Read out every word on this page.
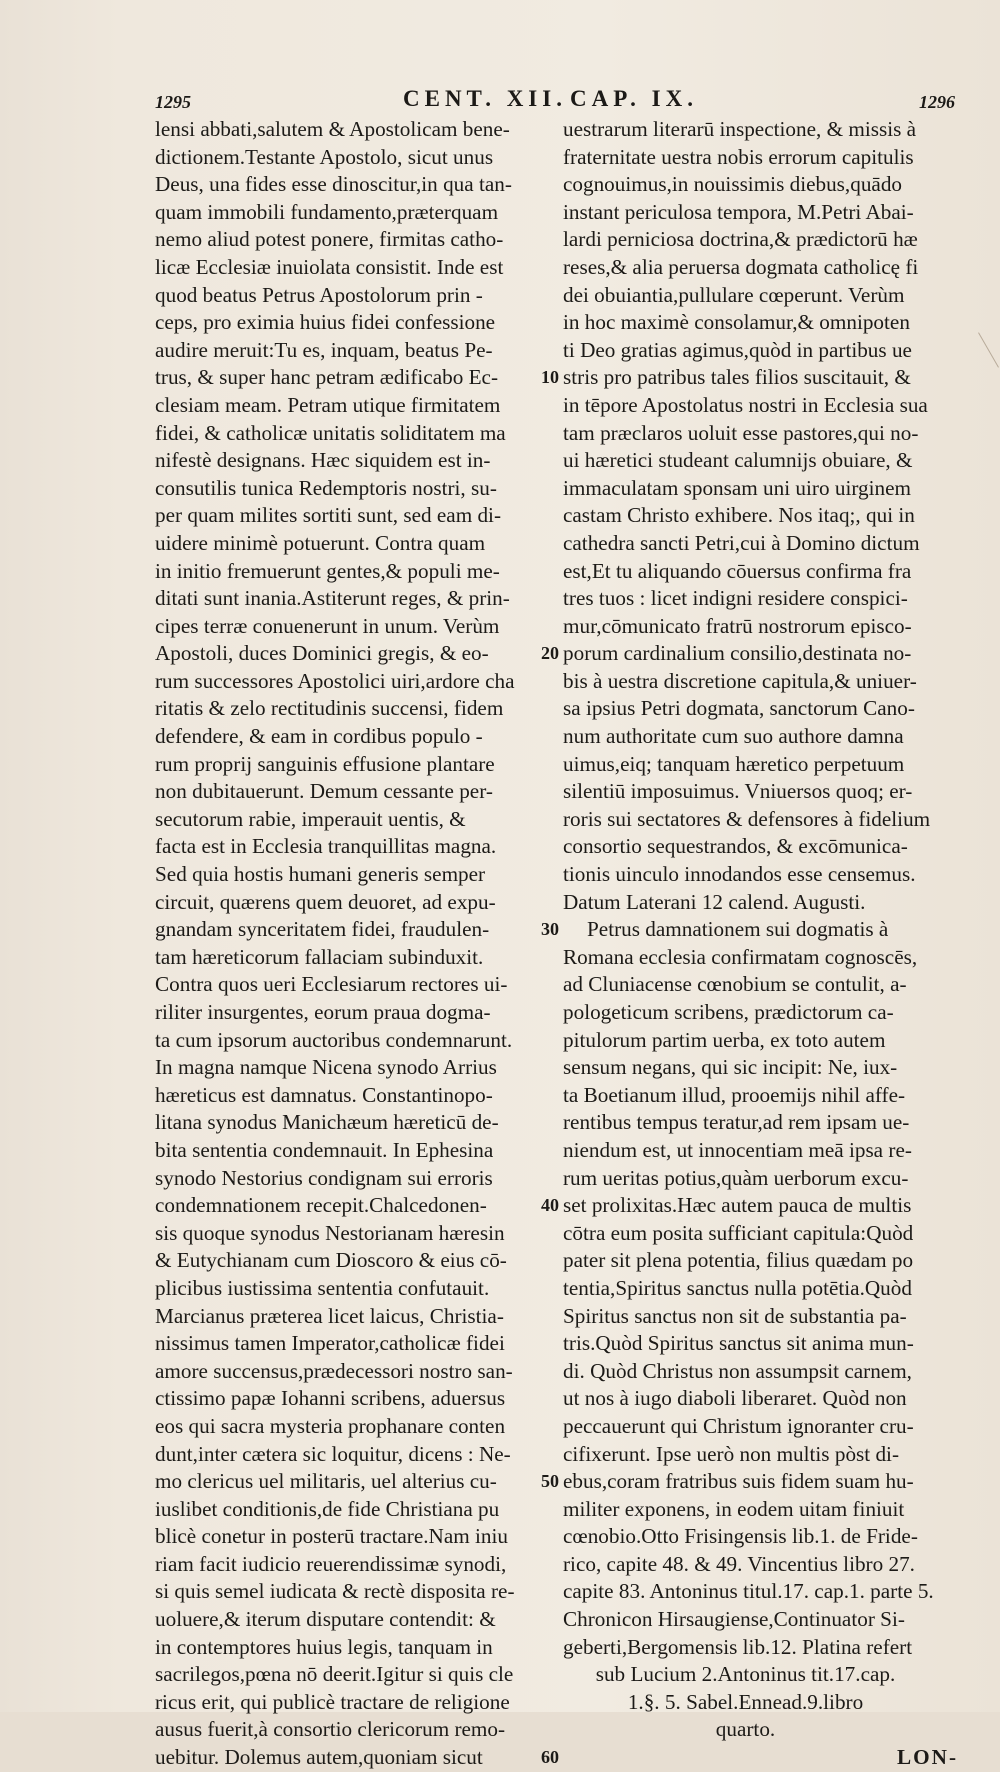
1295	CENT. XII. CAP. IX.	1296
lensi abbati,salutem & Apostolicam bene-
dictionem.Testante Apostolo, sicut unus
Deus, una fides esse dinoscitur,in qua tan-
quam immobili fundamento,præterquam
nemo aliud potest ponere, firmitas catho-
licæ Ecclesiæ inuiolata consistit. Inde est
quod beatus Petrus Apostolorum prin -
ceps, pro eximia huius fidei confessione
audire meruit:Tu es, inquam, beatus Pe-
trus, & super hanc petram ædificabo Ec-
clesiam meam. Petram utique firmitatem
fidei, & catholicæ unitatis soliditatem ma
nifestè designans. Hæc siquidem est in-
consutilis tunica Redemptoris nostri, su-
per quam milites sortiti sunt, sed eam di-
uidere minimè potuerunt. Contra quam
in initio fremuerunt gentes,& populi me-
ditati sunt inania.Astiterunt reges, & prin-
cipes terræ conuenerunt in unum. Verùm
Apostoli, duces Dominici gregis, & eo-
rum successores Apostolici uiri,ardore cha
ritatis & zelo rectitudinis succensi, fidem
defendere, & eam in cordibus populo -
rum proprij sanguinis effusione plantare
non dubitauerunt. Demum cessante per-
secutorum rabie, imperauit uentis, &
facta est in Ecclesia tranquillitas magna.
Sed quia hostis humani generis semper
circuit, quærens quem deuoret, ad expu-
gnandam synceritatem fidei, fraudulen-
tam hæreticorum fallaciam subinduxit.
Contra quos ueri Ecclesiarum rectores ui-
riliter insurgentes, eorum praua dogma-
ta cum ipsorum auctoribus condemnarunt.
In magna namque Nicena synodo Arrius
hæreticus est damnatus. Constantinopo-
litana synodus Manichæum hæreticū de-
bita sententia condemnauit. In Ephesina
synodo Nestorius condignam sui erroris
condemnationem recepit.Chalcedonen-
sis quoque synodus Nestorianam hæresin
& Eutychianam cum Dioscoro & eius cō-
plicibus iustissima sententia confutauit.
Marcianus præterea licet laicus, Christia-
nissimus tamen Imperator,catholicæ fidei
amore succensus,prædecessori nostro san-
ctissimo papæ Iohanni scribens, aduersus
eos qui sacra mysteria prophanare conten
dunt,inter cætera sic loquitur, dicens : Ne-
mo clericus uel militaris, uel alterius cu-
iuslibet conditionis,de fide Christiana pu
blicè conetur in posterū tractare.Nam iniu
riam facit iudicio reuerendissimæ synodi,
si quis semel iudicata & rectè disposita re-
uoluere,& iterum disputare contendit: &
in contemptores huius legis, tanquam in
sacrilegos,pœna nō deerit.Igitur si quis cle
ricus erit, qui publicè tractare de religione
ausus fuerit,à consortio clericorum remo-
uebitur. Dolemus autem,quoniam sicut
10
20
30
40
50
60
uestrarum literarū inspectione, & missis à
fraternitate uestra nobis errorum capitulis
cognouimus,in nouissimis diebus,quādo
instant periculosa tempora, M.Petri Abai-
lardi perniciosa doctrina,& prædictorū hæ
reses,& alia peruersa dogmata catholicę fi
dei obuiantia,pullulare cœperunt. Verùm
in hoc maximè consolamur,& omnipoten
ti Deo gratias agimus,quòd in partibus ue
stris pro patribus tales filios suscitauit, &
in tēpore Apostolatus nostri in Ecclesia sua
tam præclaros uoluit esse pastores,qui no-
ui hæretici studeant calumnijs obuiare, &
immaculatam sponsam uni uiro uirginem
castam Christo exhibere. Nos itaq;, qui in
cathedra sancti Petri,cui à Domino dictum
est,Et tu aliquando cōuersus confirma fra
tres tuos : licet indigni residere conspici-
mur,cōmunicato fratrū nostrorum episco-
porum cardinalium consilio,destinata no-
bis à uestra discretione capitula,& uniuer-
sa ipsius Petri dogmata, sanctorum Cano-
num authoritate cum suo authore damna
uimus,eiq; tanquam hæretico perpetuum
silentiū imposuimus. Vniuersos quoq; er-
roris sui sectatores & defensores à fidelium
consortio sequestrandos, & excōmunica-
tionis uinculo innodandos esse censemus.
Datum Laterani 12 calend. Augusti.
Petrus damnationem sui dogmatis à
Romana ecclesia confirmatam cognoscēs,
ad Cluniacense cœnobium se contulit, a-
pologeticum scribens, prædictorum ca-
pitulorum partim uerba, ex toto autem
sensum negans, qui sic incipit: Ne, iux-
ta Boetianum illud, prooemijs nihil affe-
rentibus tempus teratur,ad rem ipsam ue-
niendum est, ut innocentiam meā ipsa re-
rum ueritas potius,quàm uerborum excu-
set prolixitas.Hæc autem pauca de multis
cōtra eum posita sufficiant capitula:Quòd
pater sit plena potentia, filius quædam po
tentia,Spiritus sanctus nulla potētia.Quòd
Spiritus sanctus non sit de substantia pa-
tris.Quòd Spiritus sanctus sit anima mun-
di. Quòd Christus non assumpsit carnem,
ut nos à iugo diaboli liberaret. Quòd non
peccauerunt qui Christum ignoranter cru-
cifixerunt. Ipse uerò non multis pòst di-
ebus,coram fratribus suis fidem suam hu-
militer exponens, in eodem uitam finiuit
cœnobio.Otto Frisingensis lib.1. de Fride-
rico, capite 48. & 49. Vincentius libro 27.
capite 83. Antoninus titul.17. cap.1. parte 5.
Chronicon Hirsaugiense,Continuator Si-
geberti,Bergomensis lib.12. Platina refert
sub Lucium 2.Antoninus tit.17.cap.
1.§. 5. Sabel.Ennead.9.libro
quarto.
LON-
